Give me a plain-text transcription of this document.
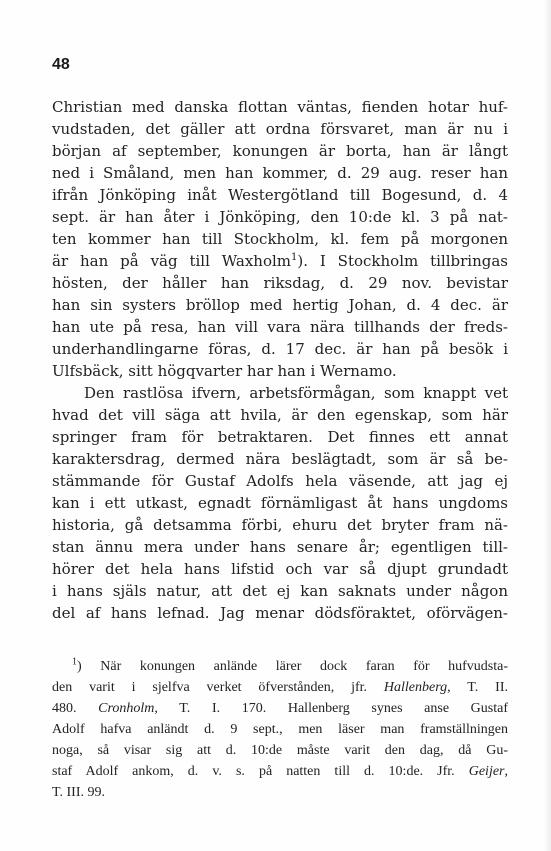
48

Christian med danska flottan väntas, fienden hotar huf-
vudstaden, det gäller att ordna försvaret, man är nu i
början af september, konungen är borta, han är långt
ned i Småland, men han kommer, d. 29 aug. reser han
ifrån Jönköping inåt Westergötland till Bogesund, d. 4
sept. är han åter i Jönköping, den 10:de kl. 3 på nat-
ten kommer han till Stockholm, kl. fem på morgonen
är han på väg till Waxholm$^1$). I Stockholm tillbringas
hösten, der håller han riksdag, d. 29 nov. bevistar
han sin systers bröllop med hertig Johan, d. 4 dec. är
han ute på resa, han vill vara nära tillhands der freds-
underhandlingarne föras, d. 17 dec. är han på besök i
Ulfsbäck, sitt högqvarter har han i Wernamo.
Den rastlösa ifvern, arbetsförmågan, som knappt vet
hvad det vill säga att hvila, är den egenskap, som här
springer fram för betraktaren. Det finnes ett annat
karaktersdrag, dermed nära beslägtadt, som är så be-
stämmande för Gustaf Adolfs hela väsende, att jag ej
kan i ett utkast, egnadt förnämligast åt hans ungdoms
historia, gå detsamma förbi, ehuru det bryter fram nä-
stan ännu mera under hans senare år; egentligen till-
hörer det hela hans lifstid och var så djupt grundadt
i hans själs natur, att det ej kan saknats under någon
del af hans lefnad. Jag menar dödsföraktet, oförvägen-
$^1$) När konungen anlände lärer dock faran för hufvudsta-
den varit i sjelfva verket öfverstånden, jfr. Hallenberg, T. II.
480. Cronholm, T. I. 170. Hallenberg synes anse Gustaf
Adolf hafva anländt d. 9 sept., men läser man framställningen
noga, så visar sig att d. 10:de måste varit den dag, då Gu-
staf Adolf ankom, d. v. s. på natten till d. 10:de. Jfr. Geijer,
T. III. 99.
